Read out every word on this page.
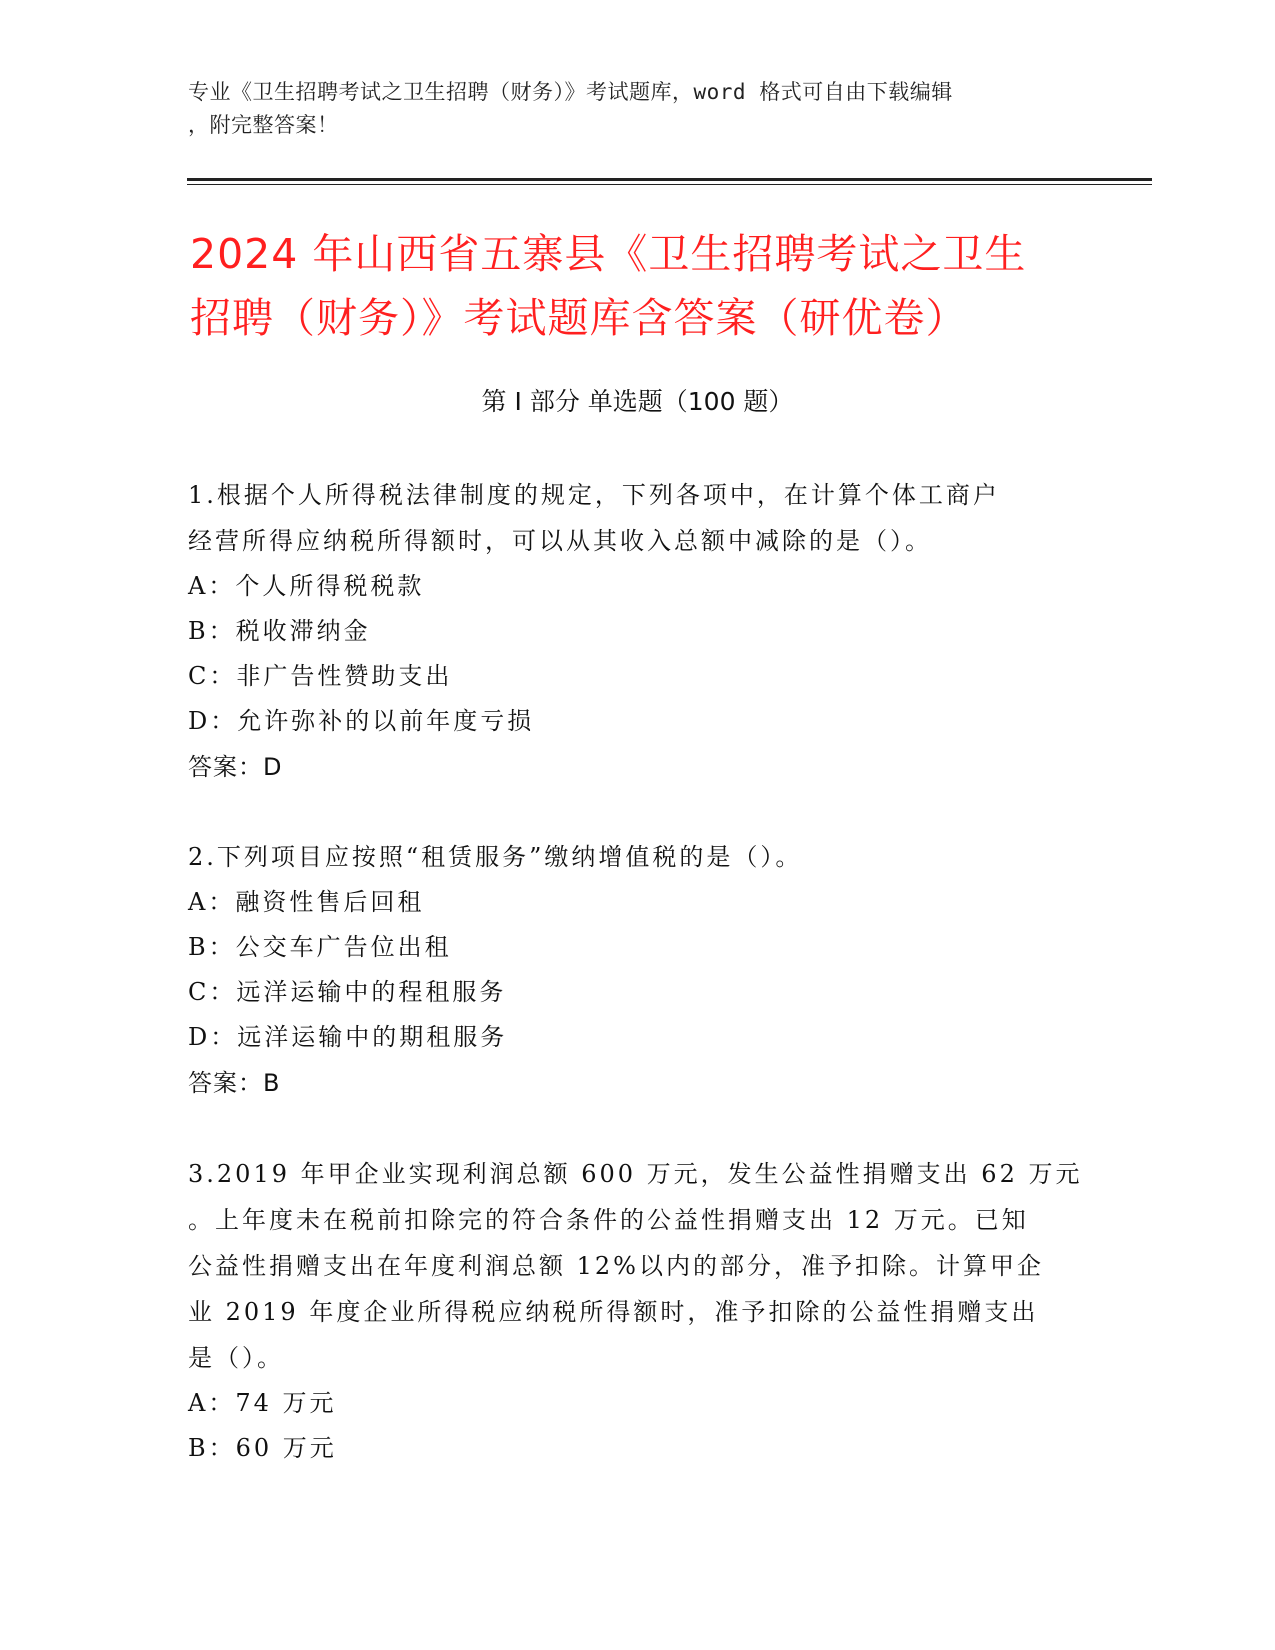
专业《卫生招聘考试之卫生招聘（财务）》考试题库，word 格式可自由下载编辑
，附完整答案！
2024 年山西省五寨县《卫生招聘考试之卫生
招聘（财务）》考试题库含答案（研优卷）
第 I 部分 单选题（100 题）

1.根据个人所得税法律制度的规定，下列各项中，在计算个体工商户

经营所得应纳税所得额时，可以从其收入总额中减除的是（）。

A：个人所得税税款

B：税收滞纳金

C：非广告性赞助支出

D：允许弥补的以前年度亏损

答案：D

2.下列项目应按照“租赁服务”缴纳增值税的是（）。

A：融资性售后回租

B：公交车广告位出租

C：远洋运输中的程租服务

D：远洋运输中的期租服务

答案：B

3.2019 年甲企业实现利润总额 600 万元，发生公益性捐赠支出 62 万元

。上年度未在税前扣除完的符合条件的公益性捐赠支出 12 万元。已知

公益性捐赠支出在年度利润总额 12%以内的部分，准予扣除。计算甲企

业 2019 年度企业所得税应纳税所得额时，准予扣除的公益性捐赠支出

是（）。

A：74 万元

B：60 万元
